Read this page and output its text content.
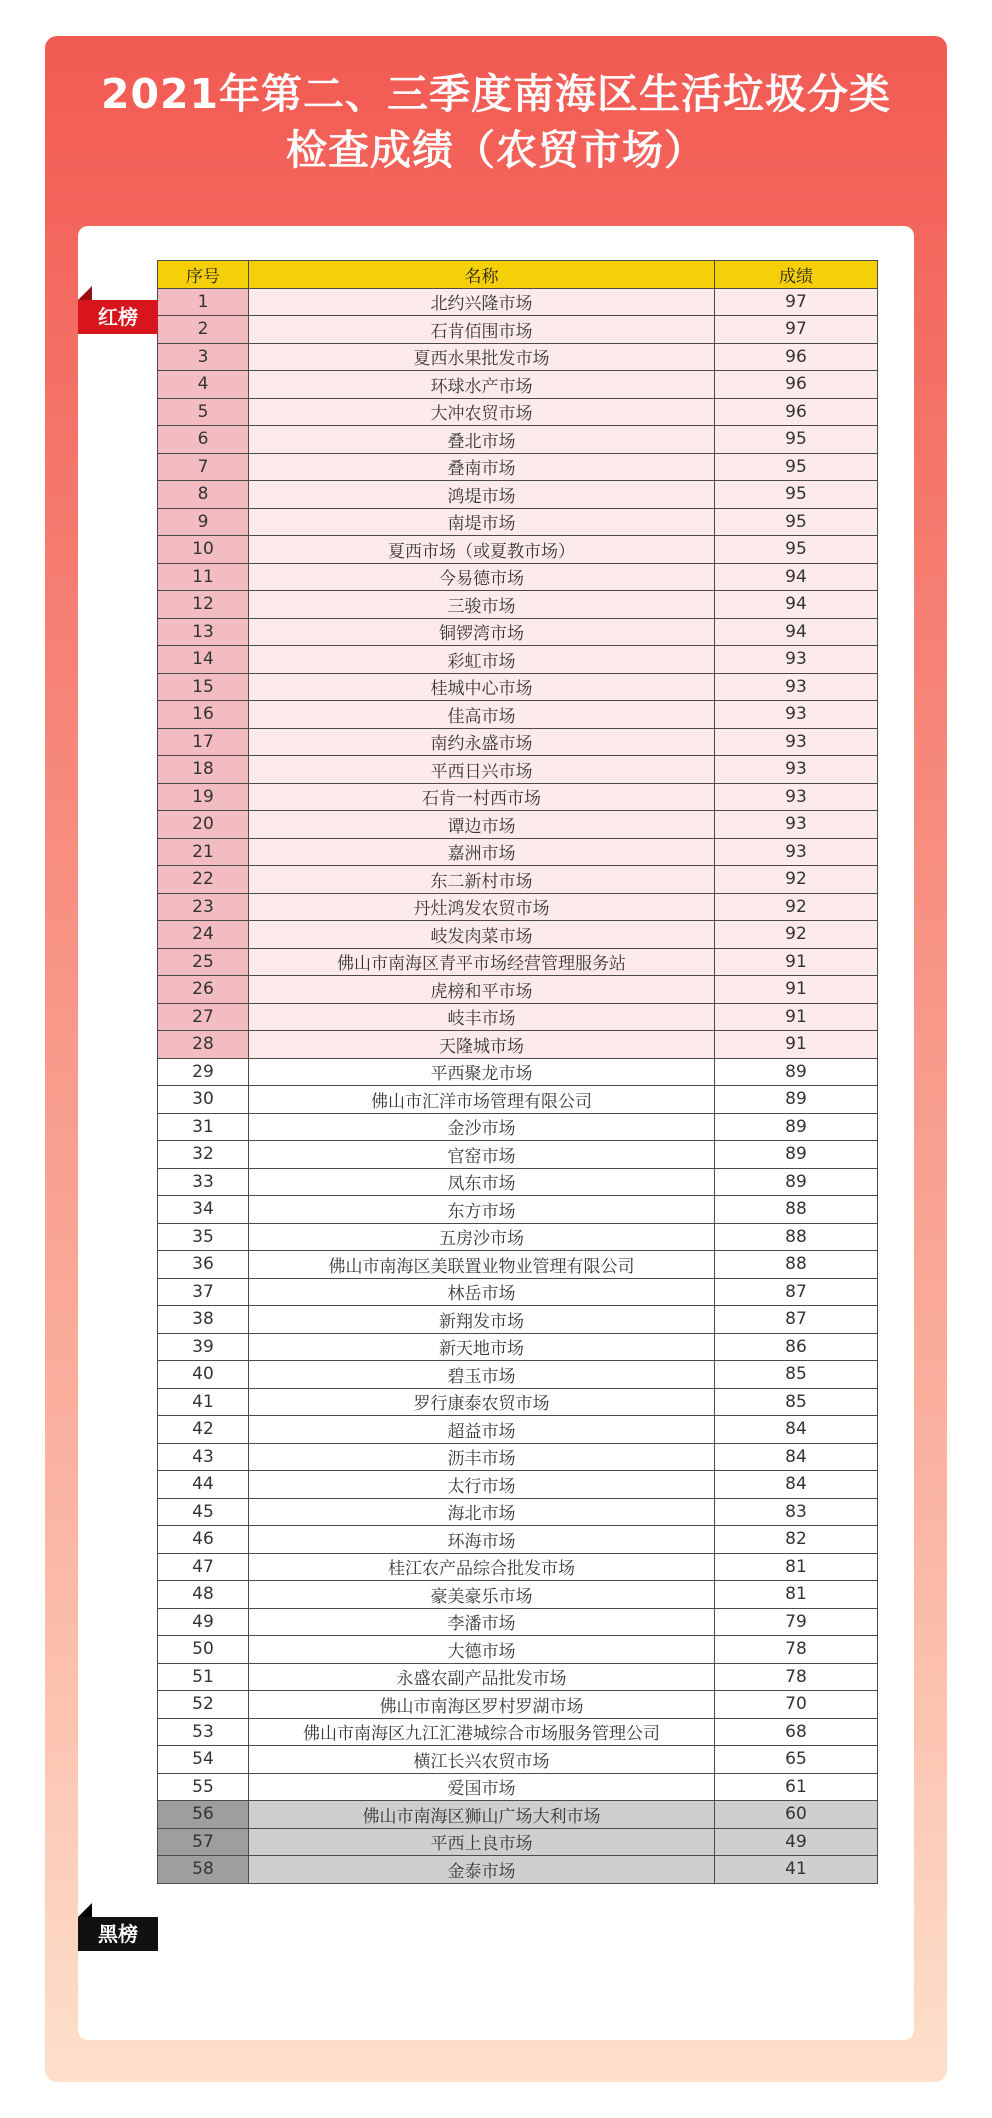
2021年第二、三季度南海区生活垃圾分类
检查成绩（农贸市场）
序号	名称	成绩
1	北约兴隆市场	97
2	石肯佰围市场	97
3	夏西水果批发市场	96
4	环球水产市场	96
5	大冲农贸市场	96
6	叠北市场	95
7	叠南市场	95
8	鸿堤市场	95
9	南堤市场	95
10	夏西市场（或夏教市场）	95
11	今易德市场	94
12	三骏市场	94
13	铜锣湾市场	94
14	彩虹市场	93
15	桂城中心市场	93
16	佳高市场	93
17	南约永盛市场	93
18	平西日兴市场	93
19	石肯一村西市场	93
20	谭边市场	93
21	嘉洲市场	93
22	东二新村市场	92
23	丹灶鸿发农贸市场	92
24	岐发肉菜市场	92
25	佛山市南海区青平市场经营管理服务站	91
26	虎榜和平市场	91
27	岐丰市场	91
28	天隆城市场	91
29	平西聚龙市场	89
30	佛山市汇洋市场管理有限公司	89
31	金沙市场	89
32	官窑市场	89
33	凤东市场	89
34	东方市场	88
35	五房沙市场	88
36	佛山市南海区美联置业物业管理有限公司	88
37	林岳市场	87
38	新翔发市场	87
39	新天地市场	86
40	碧玉市场	85
41	罗行康泰农贸市场	85
42	超益市场	84
43	沥丰市场	84
44	太行市场	84
45	海北市场	83
46	环海市场	82
47	桂江农产品综合批发市场	81
48	豪美豪乐市场	81
49	李潘市场	79
50	大德市场	78
51	永盛农副产品批发市场	78
52	佛山市南海区罗村罗湖市场	70
53	佛山市南海区九江汇港城综合市场服务管理公司	68
54	横江长兴农贸市场	65
55	爱国市场	61
56	佛山市南海区狮山广场大利市场	60
57	平西上良市场	49
58	金泰市场	41
红榜
黑榜
